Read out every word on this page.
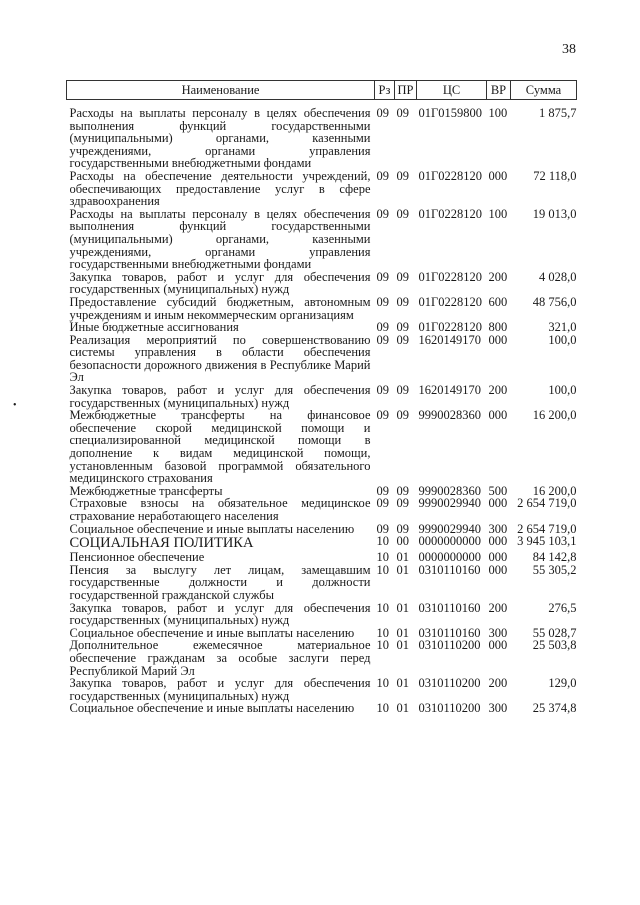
38
•
Наименование	Рз	ПР	ЦС	ВР	Сумма
Расходы на выплаты персоналу в целях обеспечения выполнения функций государственными (муниципальными) органами, казенными учреждениями, органами управления государственными внебюджетными фондами	09	09	01Г0159800	100	1 875,7
Расходы на обеспечение деятельности учреждений, обеспечивающих предоставление услуг в сфере здравоохранения	09	09	01Г0228120	000	72 118,0
Расходы на выплаты персоналу в целях обеспечения выполнения функций государственными (муниципальными) органами, казенными учреждениями, органами управления государственными внебюджетными фондами	09	09	01Г0228120	100	19 013,0
Закупка товаров, работ и услуг для обеспечения государственных (муниципальных) нужд	09	09	01Г0228120	200	4 028,0
Предоставление субсидий бюджетным, автономным учреждениям и иным некоммерческим организациям	09	09	01Г0228120	600	48 756,0
Иные бюджетные ассигнования	09	09	01Г0228120	800	321,0
Реализация мероприятий по совершенствованию системы управления в области обеспечения безопасности дорожного движения в Республике Марий Эл	09	09	1620149170	000	100,0
Закупка товаров, работ и услуг для обеспечения государственных (муниципальных) нужд	09	09	1620149170	200	100,0
Межбюджетные трансферты на финансовое обеспечение скорой медицинской помощи и специализированной медицинской помощи в дополнение к видам медицинской помощи, установленным базовой программой обязательного медицинского страхования	09	09	9990028360	000	16 200,0
Межбюджетные трансферты	09	09	9990028360	500	16 200,0
Страховые взносы на обязательное медицинское страхование неработающего населения	09	09	9990029940	000	2 654 719,0
Социальное обеспечение и иные выплаты населению	09	09	9990029940	300	2 654 719,0
СОЦИАЛЬНАЯ ПОЛИТИКА	10	00	0000000000	000	3 945 103,1
Пенсионное обеспечение	10	01	0000000000	000	84 142,8
Пенсия за выслугу лет лицам, замещавшим государственные должности и должности государственной гражданской службы	10	01	0310110160	000	55 305,2
Закупка товаров, работ и услуг для обеспечения государственных (муниципальных) нужд	10	01	0310110160	200	276,5
Социальное обеспечение и иные выплаты населению	10	01	0310110160	300	55 028,7
Дополнительное ежемесячное материальное обеспечение гражданам за особые заслуги перед Республикой Марий Эл	10	01	0310110200	000	25 503,8
Закупка товаров, работ и услуг для обеспечения государственных (муниципальных) нужд	10	01	0310110200	200	129,0
Социальное обеспечение и иные выплаты населению	10	01	0310110200	300	25 374,8
